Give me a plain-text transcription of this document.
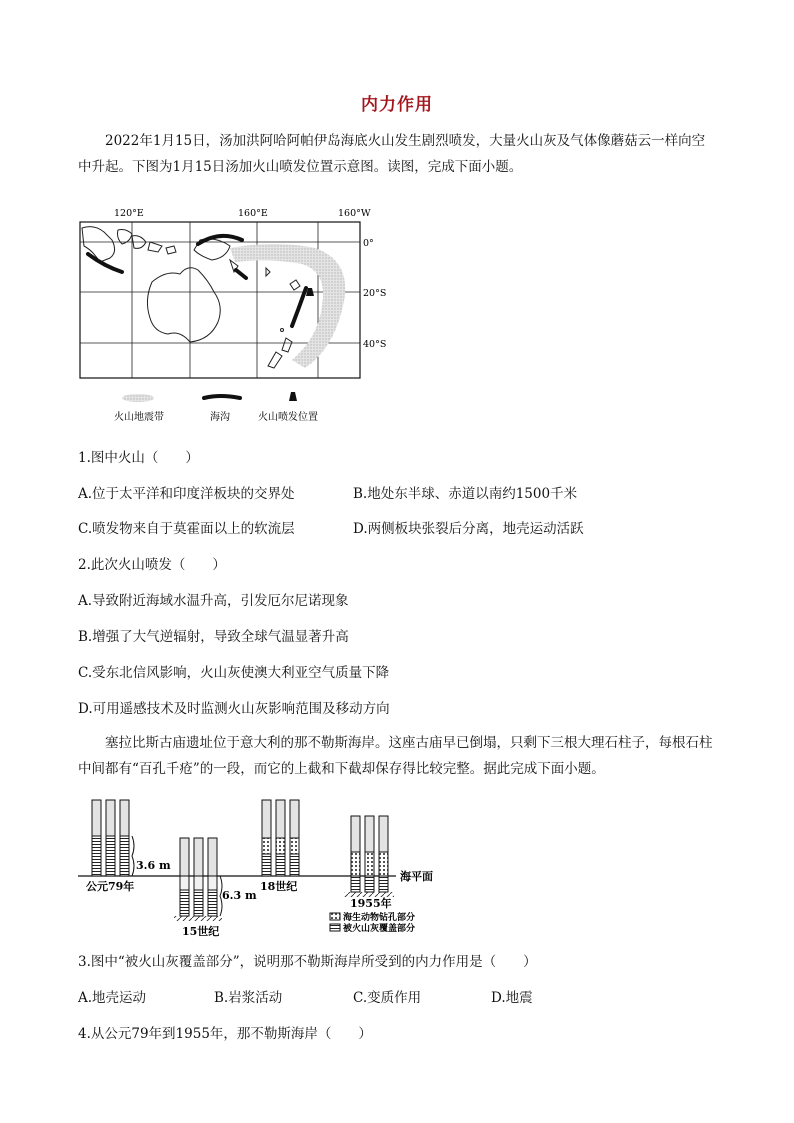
内力作用
2022年1月15日，汤加洪阿哈阿帕伊岛海底火山发生剧烈喷发，大量火山灰及气体像蘑菇云一样向空中升起。下图为1月15日汤加火山喷发位置示意图。读图，完成下面小题。
120°E	160°E	160°W
0°
20°S
40°S
火山地震带	海沟	火山喷发位置
1.图中火山（　　）
A.位于太平洋和印度洋板块的交界处	B.地处东半球、赤道以南约1500千米
C.喷发物来自于莫霍面以上的软流层	D.两侧板块张裂后分离，地壳运动活跃
2.此次火山喷发（　　）
A.导致附近海域水温升高，引发厄尔尼诺现象
B.增强了大气逆辐射，导致全球气温显著升高
C.受东北信风影响，火山灰使澳大利亚空气质量下降
D.可用遥感技术及时监测火山灰影响范围及移动方向
塞拉比斯古庙遗址位于意大利的那不勒斯海岸。这座古庙早已倒塌，只剩下三根大理石柱子，每根石柱中间都有“百孔千疮”的一段，而它的上截和下截却保存得比较完整。据此完成下面小题。
海平面
3.6 m
公元79年
6.3 m
15世纪
18世纪
1955年
海生动物钻孔部分
被火山灰覆盖部分
3.图中“被火山灰覆盖部分”，说明那不勒斯海岸所受到的内力作用是（　　）
A.地壳运动	B.岩浆活动	C.变质作用	D.地震
4.从公元79年到1955年，那不勒斯海岸（　　）
